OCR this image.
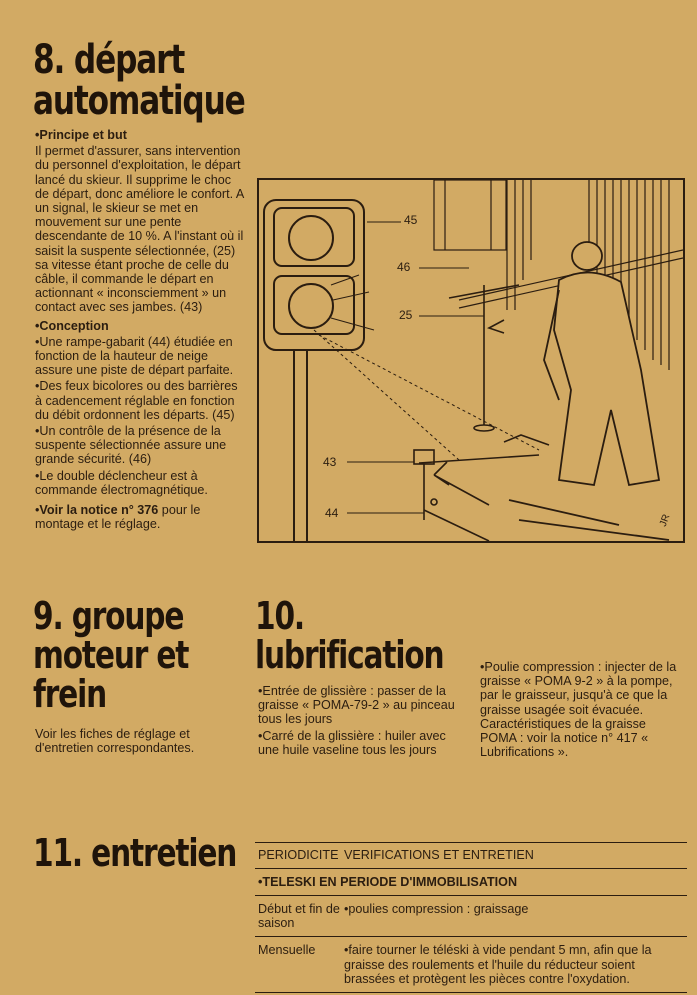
8. départ
automatique

• Principe et but

Il permet d'assurer, sans intervention du personnel d'exploitation, le départ lancé du skieur. Il supprime le choc de départ, donc améliore le confort. A un signal, le skieur se met en mouvement sur une pente descendante de 10 %. A l'instant où il saisit la suspente sélectionnée, (25) sa vitesse étant proche de celle du câble, il commande le départ en actionnant « inconsciemment » un contact avec ses jambes. (43)

• Conception

• Une rampe-gabarit (44) étudiée en fonction de la hauteur de neige assure une piste de départ parfaite.

• Des feux bicolores ou des barrières à cadencement réglable en fonction du débit ordonnent les départs. (45)

• Un contrôle de la présence de la suspente sélectionnée assure une grande sécurité. (46)

• Le double déclencheur est à commande électromagnétique.

• Voir la notice n° 376 pour le montage et le réglage.

45
46
25
43
44	JR
9. groupe
moteur et
frein
Voir les fiches de réglage et d'entretien correspondantes.
10.
lubrification

• Entrée de glissière : passer de la graisse « POMA-79-2 » au pinceau tous les jours

• Carré de la glissière : huiler avec une huile vaseline tous les jours

• Poulie compression : injecter de la graisse « POMA 9-2 » à la pompe, par le graisseur, jusqu'à ce que la graisse usagée soit évacuée. Caractéristiques de la graisse POMA : voir la notice n° 417 « Lubrifications ».

11. entretien PERIODICITE VERIFICATIONS ET ENTRETIEN
• TELESKI EN PERIODE D'IMMOBILISATION
Début et fin de saison
• poulies compression : graissage
Mensuelle
•	faire tourner le téléski à vide pendant 5 mn, afin que la graisse des roulements et l'huile du réducteur soient brassées et protègent les pièces contre l'oxydation.
